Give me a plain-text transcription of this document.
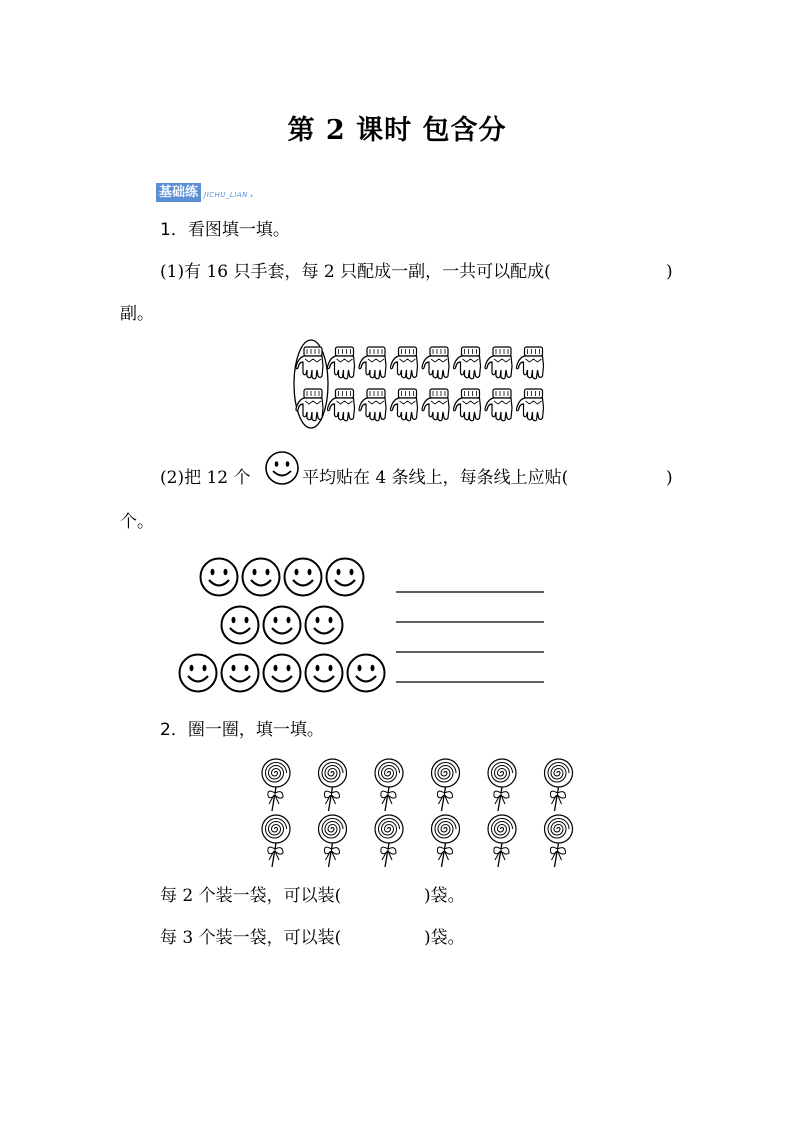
第 2 课时 包含分
基础练 JICHU_LIAN ,
1．看图填一填。
(1)有 16 只手套，每 2 只配成一副，一共可以配成(	)
副。
(2)把 12 个	平均贴在 4 条线上，每条线上应贴(	)
个。
2．圈一圈，填一填。
每 2 个装一袋，可以装(	)袋。
每 3 个装一袋，可以装(	)袋。
